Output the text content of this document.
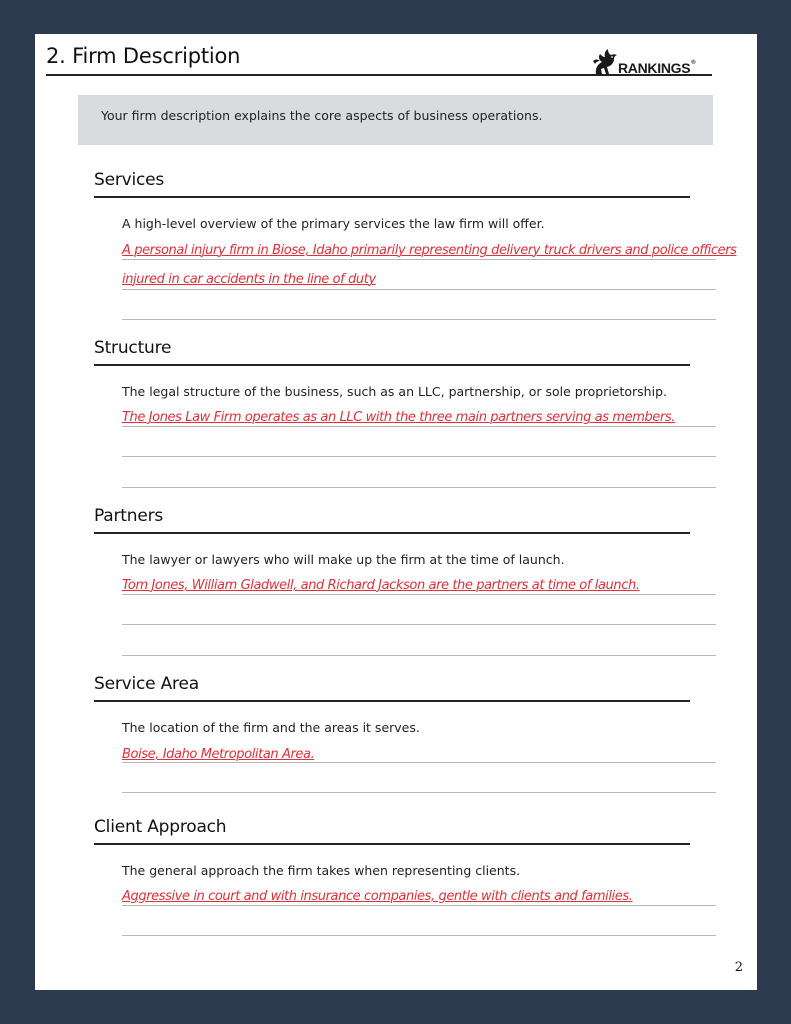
2. Firm Description	RANKINGS®
Your firm description explains the core aspects of business operations.
Services
A high-level overview of the primary services the law firm will offer.
A personal injury firm in Biose, Idaho primarily representing delivery truck drivers and police officers
injured in car accidents in the line of duty
Structure
The legal structure of the business, such as an LLC, partnership, or sole proprietorship.
The Jones Law Firm operates as an LLC with the three main partners serving as members.
Partners
The lawyer or lawyers who will make up the firm at the time of launch.
Tom Jones, William Gladwell, and Richard Jackson are the partners at time of launch.
Service Area
The location of the firm and the areas it serves.
Boise, Idaho Metropolitan Area.
Client Approach
The general approach the firm takes when representing clients.
Aggressive in court and with insurance companies, gentle with clients and families.
2
